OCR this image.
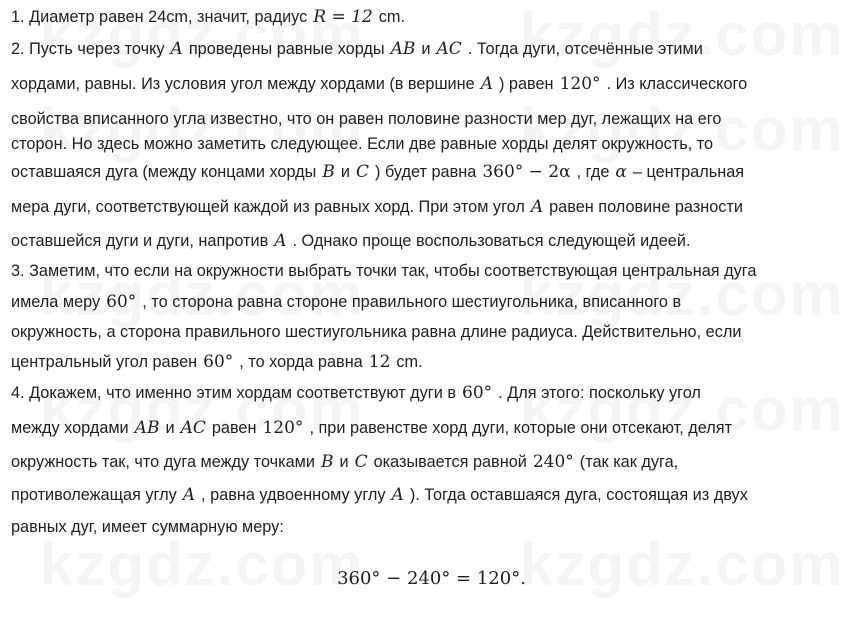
1. Диаметр равен 24cm, значит, радиус R = 12 cm.
2. Пусть через точку A проведены равные хорды AB и AC . Тогда дуги, отсечённые этими
хордами, равны. Из условия угол между хордами (в вершине A ) равен 120° . Из классического
свойства вписанного угла известно, что он равен половине разности мер дуг, лежащих на его
сторон. Но здесь можно заметить следующее. Если две равные хорды делят окружность, то
оставшаяся дуга (между концами хорды B и C ) будет равна 360° − 2α , где α – центральная
мера дуги, соответствующей каждой из равных хорд. При этом угол A равен половине разности
оставшейся дуги и дуги, напротив A . Однако проще воспользоваться следующей идеей.
3. Заметим, что если на окружности выбрать точки так, чтобы соответствующая центральная дуга
имела меру 60° , то сторона равна стороне правильного шестиугольника, вписанного в
окружность, а сторона правильного шестиугольника равна длине радиуса. Действительно, если
центральный угол равен 60° , то хорда равна 12 cm.
4. Докажем, что именно этим хордам соответствуют дуги в 60° . Для этого: поскольку угол
между хордами AB и AC равен 120° , при равенстве хорд дуги, которые они отсекают, делят
окружность так, что дуга между точками B и C оказывается равной 240° (так как дуга,
противолежащая углу A , равна удвоенному углу A ). Тогда оставшаяся дуга, состоящая из двух
равных дуг, имеет суммарную меру:
360° − 240° = 120°.
